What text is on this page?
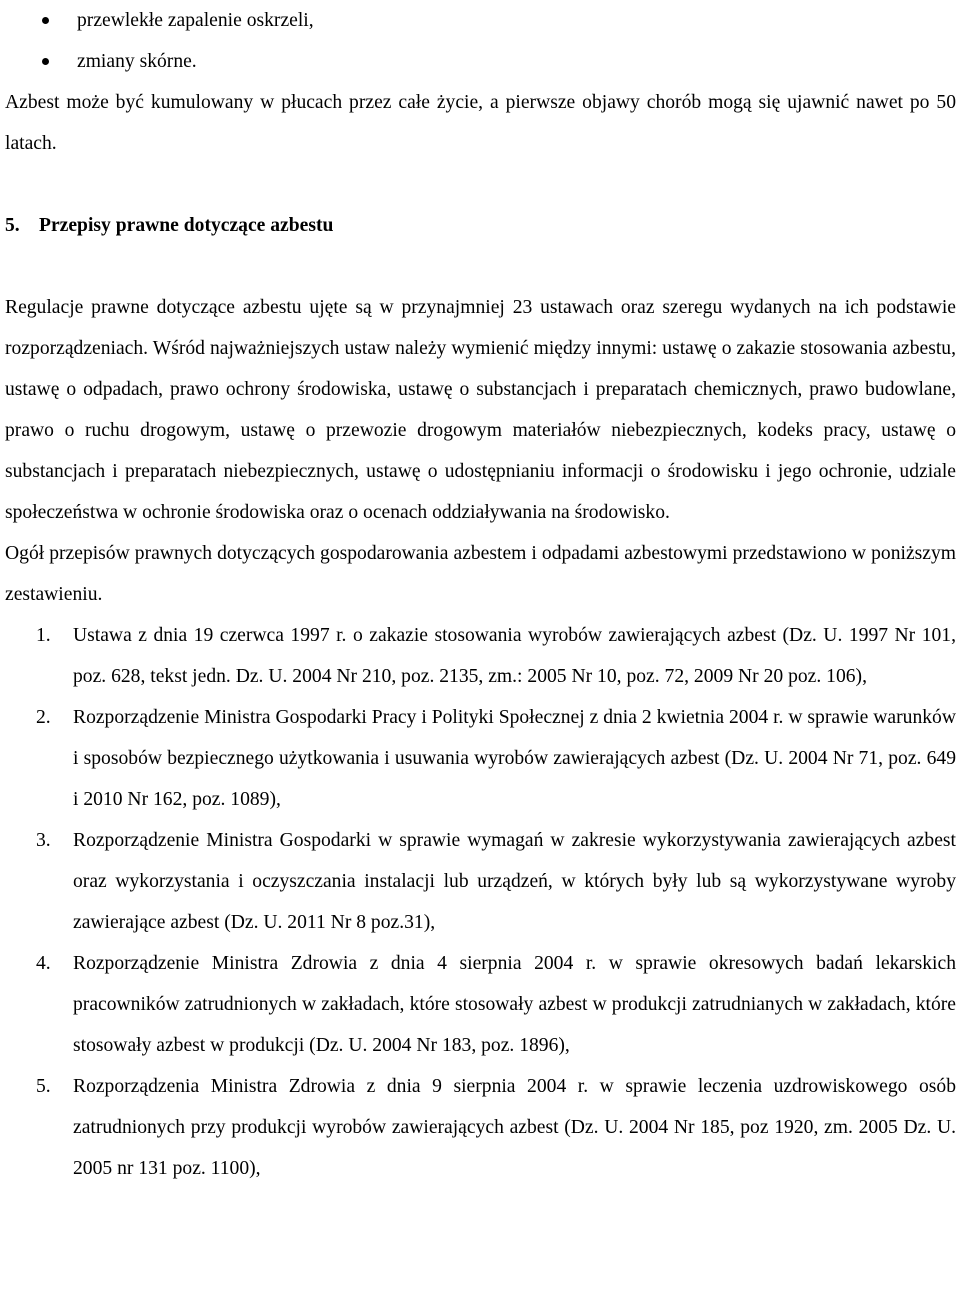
przewlekłe zapalenie oskrzeli,
zmiany skórne.

Azbest może być kumulowany w płucach przez całe życie, a pierwsze objawy chorób mogą się ujawnić nawet po 50 latach.

5. Przepisy prawne dotyczące azbestu

Regulacje prawne dotyczące azbestu ujęte są w przynajmniej 23 ustawach oraz szeregu wydanych na ich podstawie rozporządzeniach. Wśród najważniejszych ustaw należy wymienić między innymi: ustawę o zakazie stosowania azbestu, ustawę o odpadach, prawo ochrony środowiska, ustawę o substancjach i preparatach chemicznych, prawo budowlane, prawo o ruchu drogowym, ustawę o przewozie drogowym materiałów niebezpiecznych, kodeks pracy, ustawę o substancjach i preparatach niebezpiecznych, ustawę o udostępnianiu informacji o środowisku i jego ochronie, udziale społeczeństwa w ochronie środowiska oraz o ocenach oddziaływania na środowisko.

Ogół przepisów prawnych dotyczących gospodarowania azbestem i odpadami azbestowymi przedstawiono w poniższym zestawieniu.

1. Ustawa z dnia 19 czerwca 1997 r. o zakazie stosowania wyrobów zawierających azbest (Dz. U. 1997 Nr 101, poz. 628, tekst jedn. Dz. U. 2004 Nr 210, poz. 2135, zm.: 2005 Nr 10, poz. 72, 2009 Nr 20 poz. 106),
2. Rozporządzenie Ministra Gospodarki Pracy i Polityki Społecznej z dnia 2 kwietnia 2004 r. w sprawie warunków i sposobów bezpiecznego użytkowania i usuwania wyrobów zawierających azbest (Dz. U. 2004 Nr 71, poz. 649 i 2010 Nr 162, poz. 1089),
3. Rozporządzenie Ministra Gospodarki w sprawie wymagań w zakresie wykorzystywania zawierających azbest oraz wykorzystania i oczyszczania instalacji lub urządzeń, w których były lub są wykorzystywane wyroby zawierające azbest (Dz. U. 2011 Nr 8 poz.31),
4. Rozporządzenie Ministra Zdrowia z dnia 4 sierpnia 2004 r. w sprawie okresowych badań lekarskich pracowników zatrudnionych w zakładach, które stosowały azbest w produkcji zatrudnianych w zakładach, które stosowały azbest w produkcji (Dz. U. 2004 Nr 183, poz. 1896),
5. Rozporządzenia Ministra Zdrowia z dnia 9 sierpnia 2004 r. w sprawie leczenia uzdrowiskowego osób zatrudnionych przy produkcji wyrobów zawierających azbest (Dz. U. 2004 Nr 185, poz 1920, zm. 2005 Dz. U. 2005 nr 131 poz. 1100),
